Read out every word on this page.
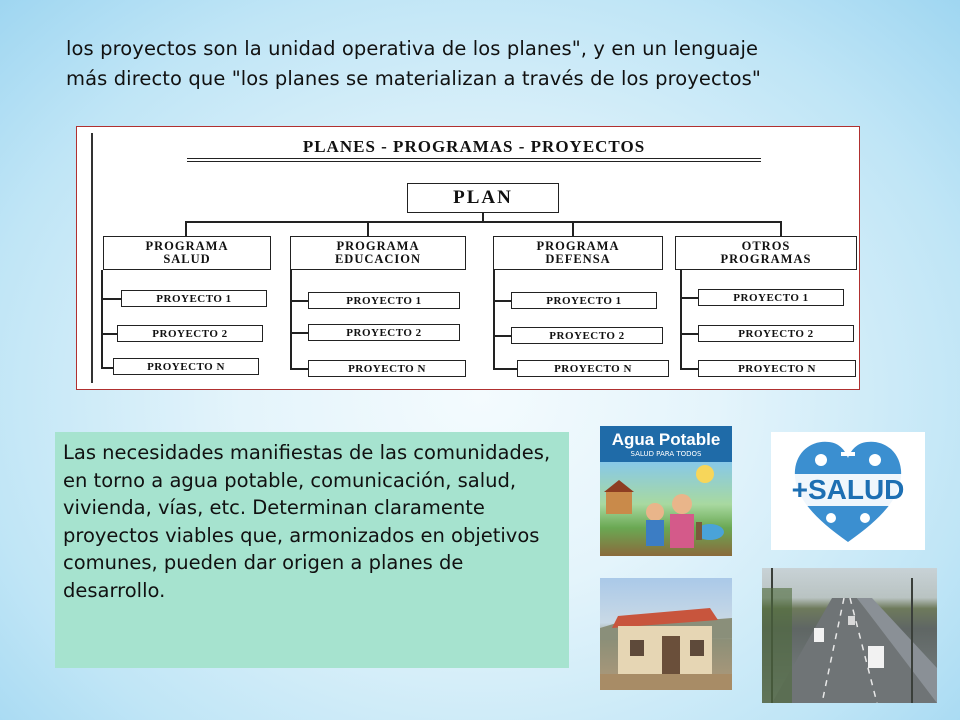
los proyectos son la unidad operativa de los planes", y en un lenguaje
más directo que "los planes se materializan a través de los proyectos"
PLANES - PROGRAMAS - PROYECTOS
PLAN
PROGRAMA
SALUD
PROGRAMA
EDUCACION
PROGRAMA
DEFENSA
OTROS
PROGRAMAS
PROYECTO 1
PROYECTO 2
PROYECTO N
PROYECTO 1
PROYECTO 2
PROYECTO N
PROYECTO 1
PROYECTO 2
PROYECTO N
PROYECTO 1
PROYECTO 2
PROYECTO N
Las necesidades manifiestas de las comunidades, en torno a agua potable, comunicación, salud, vivienda, vías, etc. Determinan claramente proyectos viables que, armonizados en objetivos comunes, pueden dar origen a planes de desarrollo.
Agua Potable
SALUD PARA TODOS
+SALUD
